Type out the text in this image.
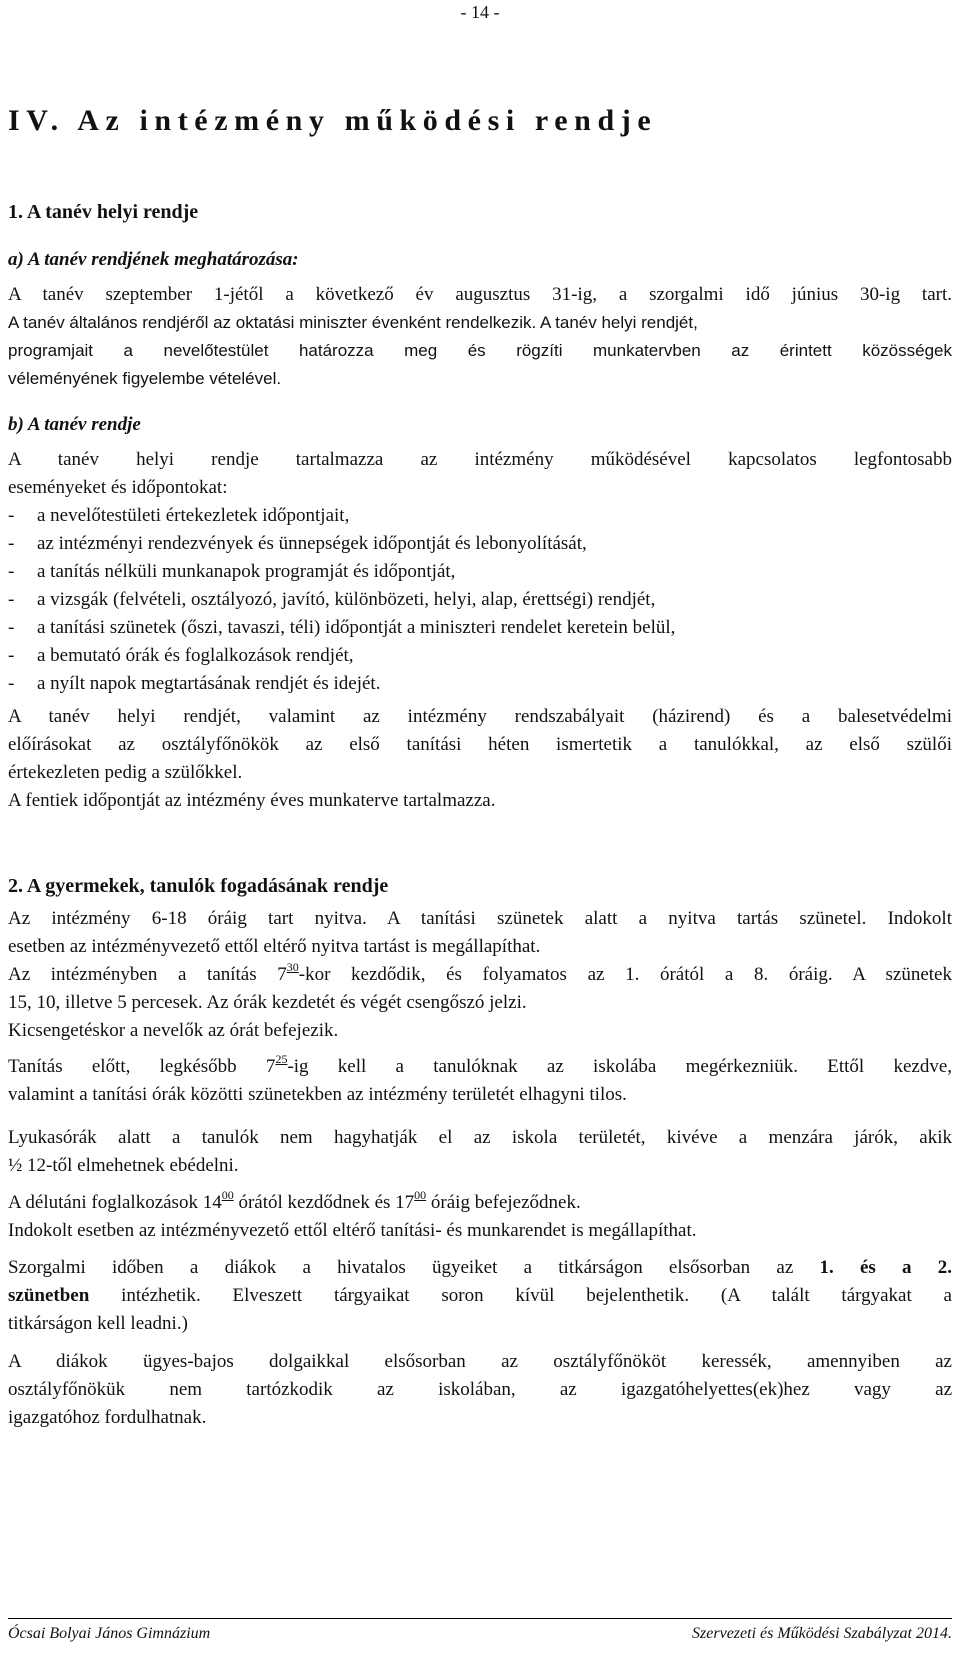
- 14 -
IV. Az intézmény működési rendje
1. A tanév helyi rendje
a) A tanév rendjének meghatározása:
A tanév szeptember 1-jétől a következő év augusztus 31-ig, a szorgalmi idő június 30-ig tart.
A tanév általános rendjéről az oktatási miniszter évenként rendelkezik. A tanév helyi rendjét,
programjait a nevelőtestület határozza meg és rögzíti munkatervben az érintett közösségek
véleményének figyelembe vételével.
b) A tanév rendje
A tanév helyi rendje tartalmazza az intézmény működésével kapcsolatos legfontosabb
eseményeket és időpontokat:
- a nevelőtestületi értekezletek időpontjait,
- az intézményi rendezvények és ünnepségek időpontját és lebonyolítását,
- a tanítás nélküli munkanapok programját és időpontját,
- a vizsgák (felvételi, osztályozó, javító, különbözeti, helyi, alap, érettségi) rendjét,
- a tanítási szünetek (őszi, tavaszi, téli) időpontját a miniszteri rendelet keretein belül,
- a bemutató órák és foglalkozások rendjét,
- a nyílt napok megtartásának rendjét és idejét.
A tanév helyi rendjét, valamint az intézmény rendszabályait (házirend) és a balesetvédelmi
előírásokat az osztályfőnökök az első tanítási héten ismertetik a tanulókkal, az első szülői
értekezleten pedig a szülőkkel.
A fentiek időpontját az intézmény éves munkaterve tartalmazza.
2. A gyermekek, tanulók fogadásának rendje
Az intézmény 6-18 óráig tart nyitva. A tanítási szünetek alatt a nyitva tartás szünetel. Indokolt
esetben az intézményvezető ettől eltérő nyitva tartást is megállapíthat.
Az intézményben a tanítás $7^{30}$-kor kezdődik, és folyamatos az 1. órától a 8. óráig. A szünetek
15, 10, illetve 5 percesek. Az órák kezdetét és végét csengőszó jelzi.
Kicsengetéskor a nevelők az órát befejezik.
Tanítás előtt, legkésőbb $7^{25}-ig$ kell a tanulóknak az iskolába megérkezniük. Ettől kezdve,
valamint a tanítási órák közötti szünetekben az intézmény területét elhagyni tilos.
Lyukasórák alatt a tanulók nem hagyhatják el az iskola területét, kivéve a menzára járók, akik
½ 12-től elmehetnek ebédelni.
A délutáni foglalkozások $14^{00}$ órától kezdődnek és $17^{00}$ óráig befejeződnek.
Indokolt esetben az intézményvezető ettől eltérő tanítási- és munkarendet is megállapíthat.
Szorgalmi időben a diákok a hivatalos ügyeiket a titkárságon elsősorban az 1. és a 2.
szünetben intézhetik. Elveszett tárgyaikat soron kívül bejelenthetik. (A talált tárgyakat a
titkárságon kell leadni.)
A diákok ügyes-bajos dolgaikkal elsősorban az osztályfőnököt keressék, amennyiben az
osztályfőnökük nem tartózkodik az iskolában, az igazgatóhelyettes(ek)hez vagy az
igazgatóhoz fordulhatnak.
Ócsai Bolyai János Gimnázium	Szervezeti és Működési Szabályzat 2014.
